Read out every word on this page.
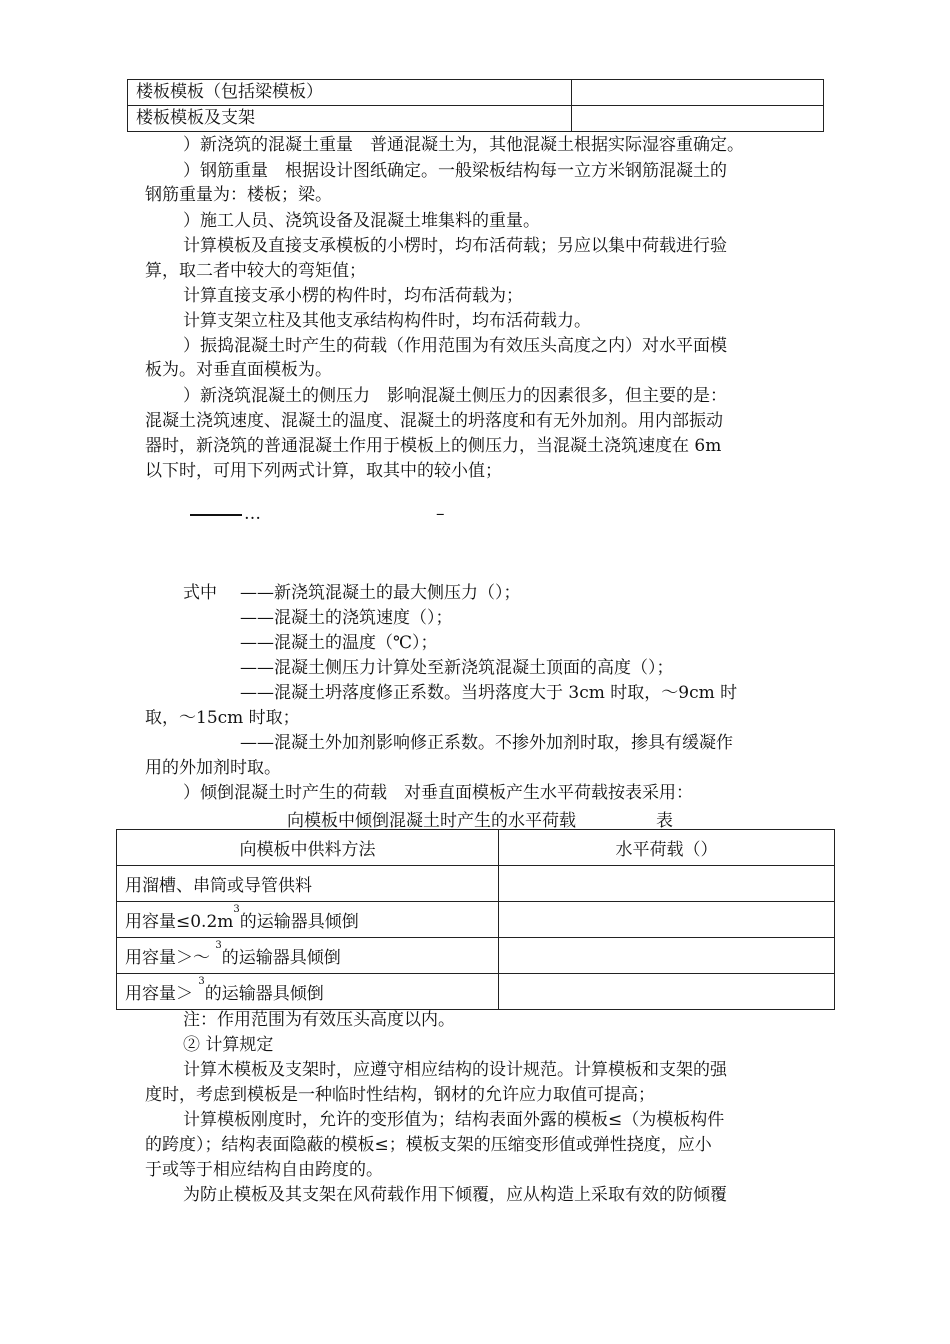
楼板模板（包括梁模板）	
楼板模板及支架	
）新浇筑的混凝土重量　普通混凝土为，其他混凝土根据实际湿容重确定。
）钢筋重量　根据设计图纸确定。一般梁板结构每一立方米钢筋混凝土的
钢筋重量为：楼板；梁。
）施工人员、浇筑设备及混凝土堆集料的重量。
计算模板及直接支承模板的小楞时，均布活荷载；另应以集中荷载进行验
算，取二者中较大的弯矩值；
计算直接支承小楞的构件时，均布活荷载为；
计算支架立柱及其他支承结构构件时，均布活荷载力。
）振捣混凝土时产生的荷载（作用范围为有效压头高度之内）对水平面模
板为。对垂直面模板为。
）新浇筑混凝土的侧压力　影响混凝土侧压力的因素很多，但主要的是：
混凝土浇筑速度、混凝土的温度、混凝土的坍落度和有无外加剂。用内部振动
器时，新浇筑的普通混凝土作用于模板上的侧压力，当混凝土浇筑速度在 6m
以下时，可用下列两式计算，取其中的较小值；
…	–
式中 ——新浇筑混凝土的最大侧压力（）；
——混凝土的浇筑速度（）；
——混凝土的温度（℃）；
——混凝土侧压力计算处至新浇筑混凝土顶面的高度（）；
——混凝土坍落度修正系数。当坍落度大于 3cm 时取，～9cm 时
取，～15cm 时取；
——混凝土外加剂影响修正系数。不掺外加剂时取，掺具有缓凝作
用的外加剂时取。
）倾倒混凝土时产生的荷载　对垂直面模板产生水平荷载按表采用：
向模板中倾倒混凝土时产生的水平荷载	表
向模板中供料方法	水平荷载（）
用溜槽、串筒或导管供料	
用容量$\le 0.2m^3$的运输器具倾倒	
用容量＞～ $^3$的运输器具倾倒	
用容量＞ $^3$的运输器具倾倒	
注：作用范围为有效压头高度以内。
② 计算规定
计算木模板及支架时，应遵守相应结构的设计规范。计算模板和支架的强
度时，考虑到模板是一种临时性结构，钢材的允许应力取值可提高；
计算模板刚度时，允许的变形值为；结构表面外露的模板≤（为模板构件
的跨度）；结构表面隐蔽的模板≤；模板支架的压缩变形值或弹性挠度，应小
于或等于相应结构自由跨度的。
为防止模板及其支架在风荷载作用下倾覆，应从构造上采取有效的防倾覆
